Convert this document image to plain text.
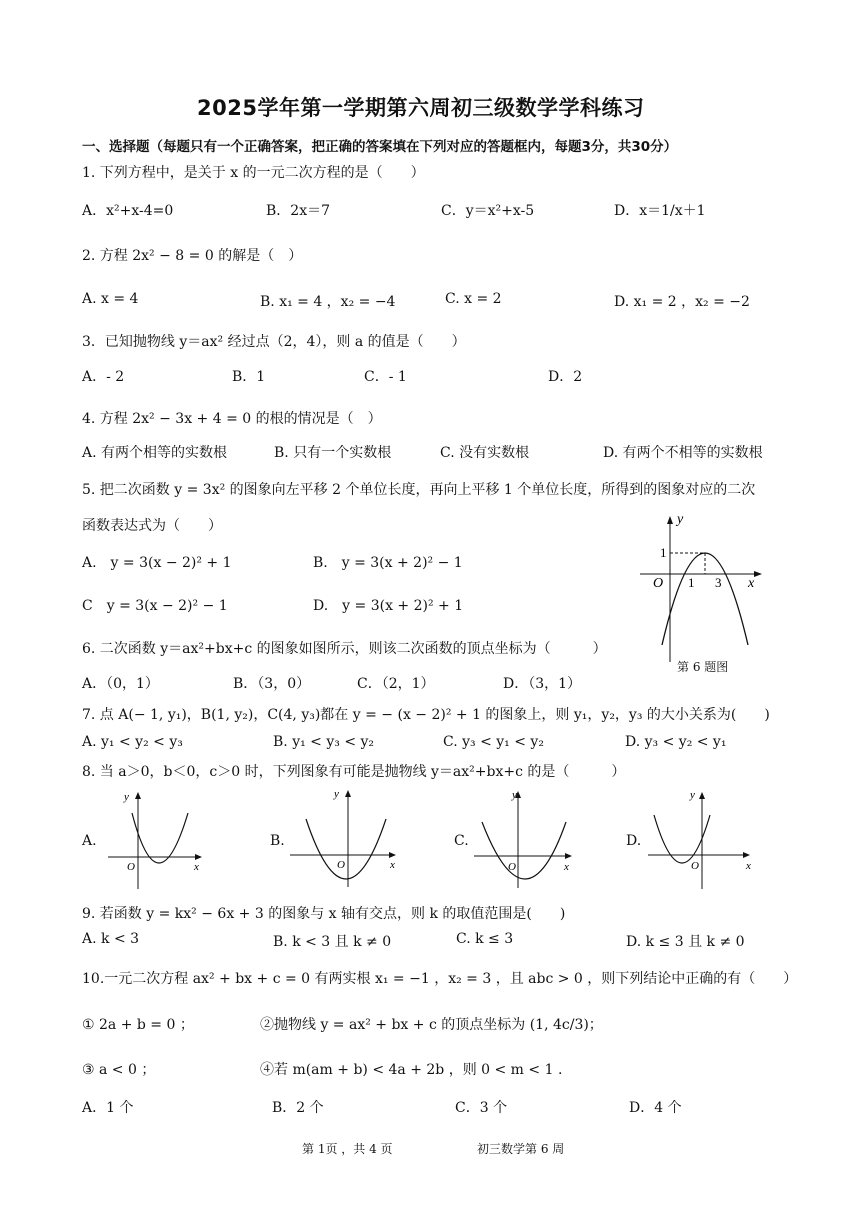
2025学年第一学期第六周初三级数学学科练习
一、选择题（每题只有一个正确答案，把正确的答案填在下列对应的答题框内，每题3分，共30分）
1. 下列方程中，是关于 x 的一元二次方程的是（　　）
A．x²+x-4=0	B．2x＝7	C．y＝x²+x-5	D．x＝1/x＋1
2. 方程 2x² − 8 = 0 的解是（　）
A. x = 4	B. x₁ = 4 ，x₂ = −4	C. x = 2	D. x₁ = 2 ，x₂ = −2
3．已知抛物线 y＝ax² 经过点（2，4），则 a 的值是（　　）
A．- 2	B．1	C．- 1	D．2
4. 方程 2x² − 3x + 4 = 0 的根的情况是（　）
A. 有两个相等的实数根	B. 只有一个实数根	C. 没有实数根	D. 有两个不相等的实数根
5. 把二次函数 y = 3x² 的图象向左平移 2 个单位长度，再向上平移 1 个单位长度，所得到的图象对应的二次
函数表达式为（　　）
A.　y = 3(x − 2)² + 1	B.　y = 3(x + 2)² − 1
C　y = 3(x − 2)² − 1	D.　y = 3(x + 2)² + 1
y
x
O
1
1 3
第 6 题图
6. 二次函数 y＝ax²+bx+c 的图象如图所示，则该二次函数的顶点坐标为（　　　）
A．（0，1）	B．（3，0）	C．（2，1）	D．（3，1）
7. 点 A(− 1, y₁)，B(1, y₂)，C(4, y₃)都在 y = − (x − 2)² + 1 的图象上，则 y₁，y₂，y₃ 的大小关系为(　　)
A. y₁ < y₂ < y₃	B. y₁ < y₃ < y₂	C. y₃ < y₁ < y₂	D. y₃ < y₂ < y₁
8. 当 a＞0，b＜0，c＞0 时，下列图象有可能是抛物线 y＝ax²+bx+c 的是（　　　）
A.	B.	C.	D.
y
x
O
y
x
O
y
x
O
y
x
O
9. 若函数 y = kx² − 6x + 3 的图象与 x 轴有交点，则 k 的取值范围是(　　)
A. k < 3	B. k < 3 且 k ≠ 0	C. k ≤ 3	D. k ≤ 3 且 k ≠ 0
10.一元二次方程 ax² + bx + c = 0 有两实根 x₁ = −1 ，x₂ = 3 ，且 abc > 0 ，则下列结论中正确的有（　　）
① 2a + b = 0 ；	②抛物线 y = ax² + bx + c 的顶点坐标为 (1, 4c/3)；
③ a < 0 ；	④若 m(am + b) < 4a + 2b ，则 0 < m < 1 .
A．1 个	B．2 个	C．3 个	D．4 个
第 1页 ，共 4 页	初三数学第 6 周
